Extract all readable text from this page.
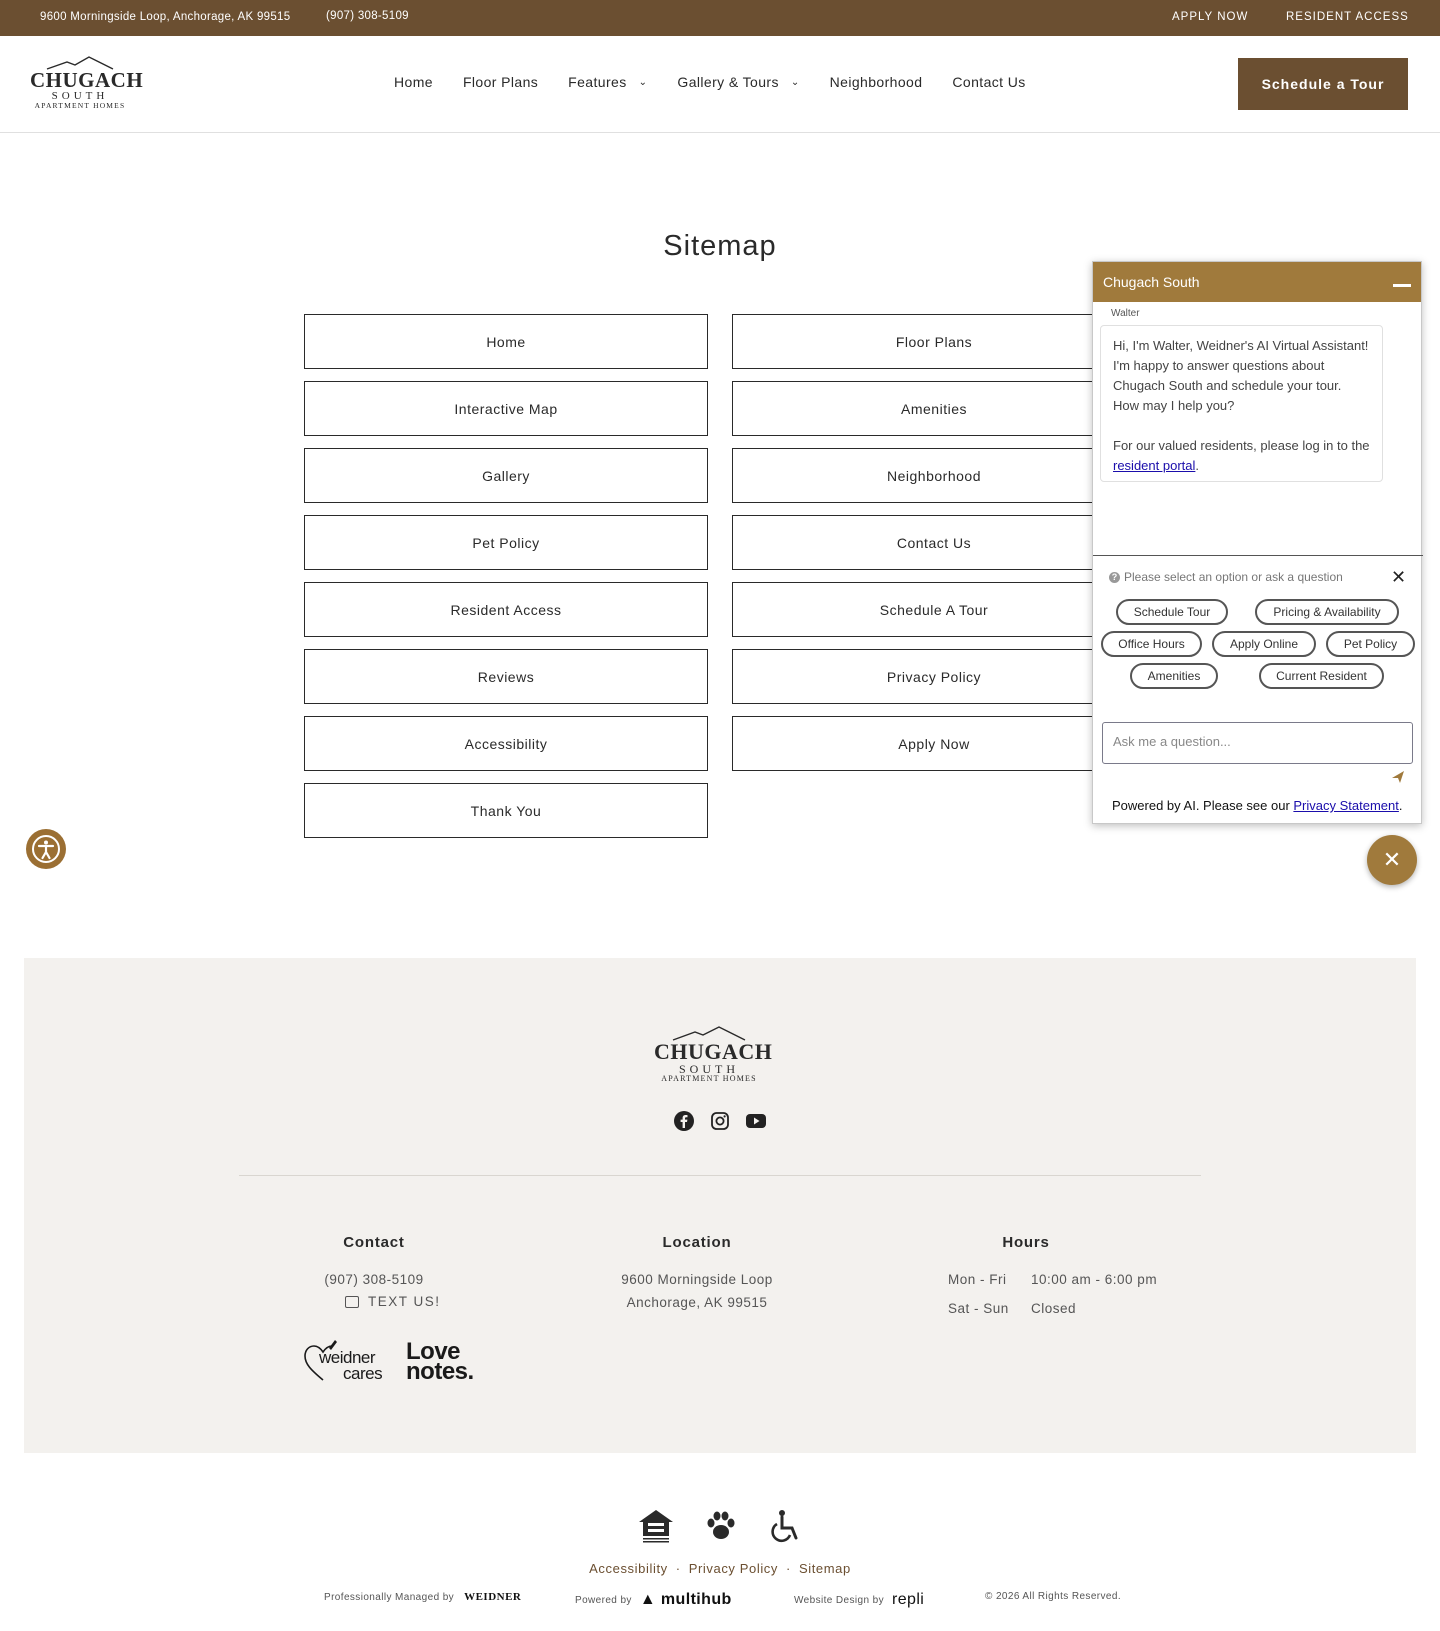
9600 Morningside Loop, Anchorage, AK 99515	(907) 308-5109	APPLY NOW	RESIDENT ACCESS
CHUGACH
SOUTH
APARTMENT HOMES
Home Floor Plans Features ⌄ Gallery & Tours ⌄ Neighborhood Contact Us	Schedule a Tour
Sitemap
Home
Interactive Map
Gallery
Pet Policy
Resident Access
Reviews
Accessibility
Thank You
Floor Plans
Amenities
Neighborhood
Contact Us
Schedule A Tour
Privacy Policy
Apply Now
Chugach South
Walter
Hi, I'm Walter, Weidner's AI Virtual Assistant! I'm happy to answer questions about Chugach South and schedule your tour. How may I help you?
For our valued residents, please log in to the resident portal.
? Please select an option or ask a question	✕
Schedule Tour	Pricing & Availability
Office Hours	Apply Online	Pet Policy
Amenities	Current Resident
Ask me a question...
Powered by AI. Please see our Privacy Statement.
✕
CHUGACH
SOUTH
APARTMENT HOMES
Contact
(907) 308-5109
TEXT US!
weidner
cares
Love
notes.
Location
9600 Morningside Loop
Anchorage, AK 99515
Hours
Mon - Fri 10:00 am - 6:00 pm
Sat - Sun Closed
Accessibility · Privacy Policy · Sitemap
Professionally Managed by WEIDNER	Powered by ▲ multihub	Website Design by repli	© 2026 All Rights Reserved.
